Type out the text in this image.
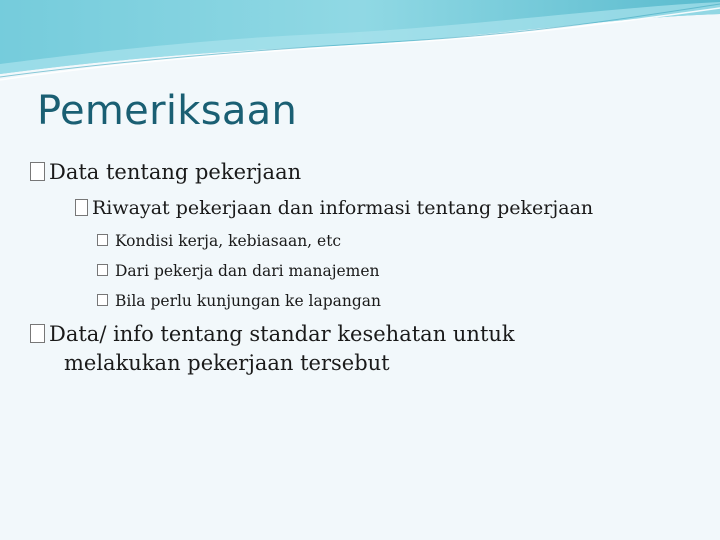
Pemeriksaan
Data tentang pekerjaan
Riwayat pekerjaan dan informasi tentang pekerjaan
Kondisi kerja, kebiasaan, etc
Dari pekerja dan dari manajemen
Bila perlu kunjungan ke lapangan
Data/ info tentang standar kesehatan untuk
melakukan pekerjaan tersebut
